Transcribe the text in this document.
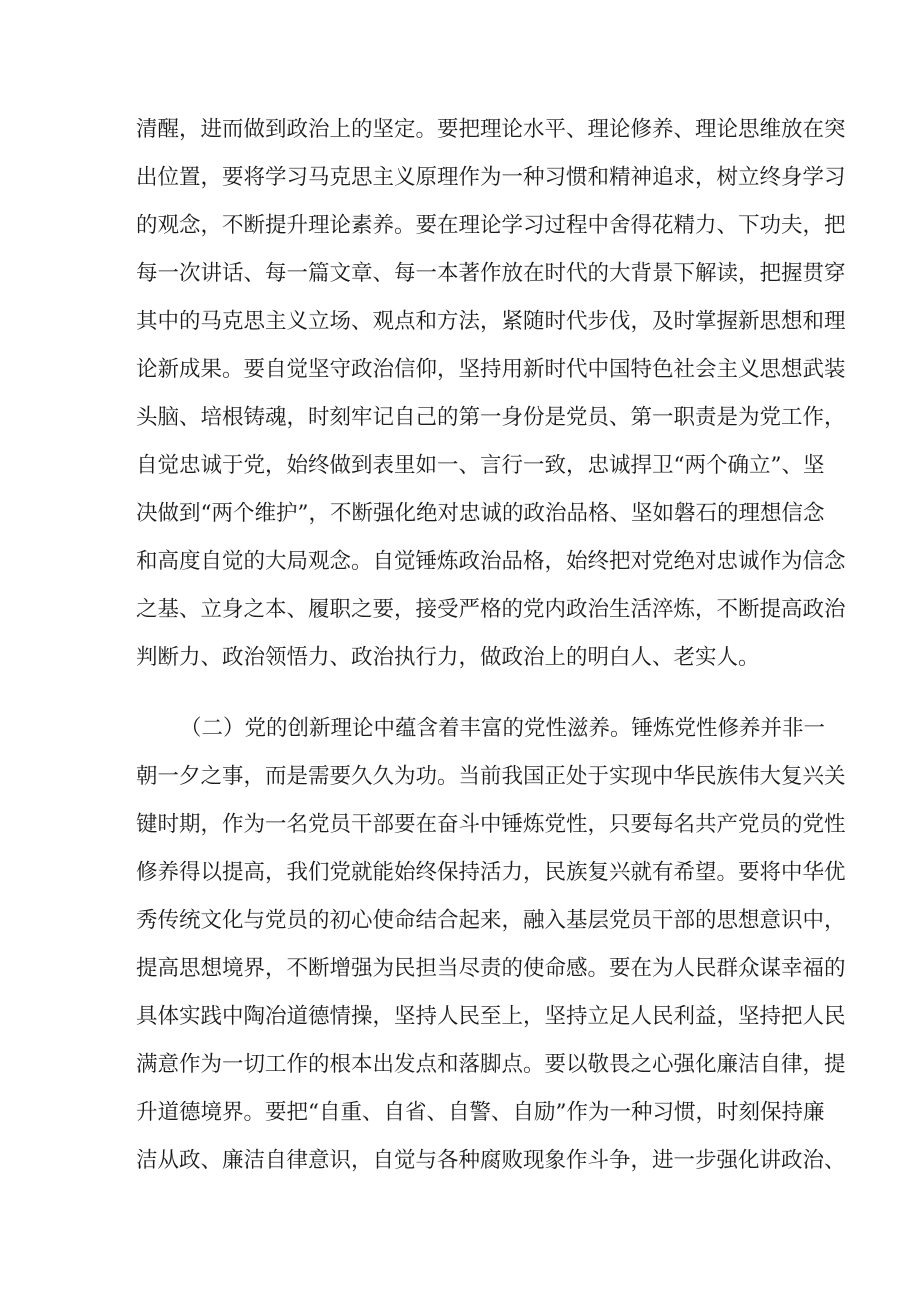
清醒，进而做到政治上的坚定。要把理论水平、理论修养、理论思维放在突
出位置，要将学习马克思主义原理作为一种习惯和精神追求，树立终身学习
的观念，不断提升理论素养。要在理论学习过程中舍得花精力、下功夫，把
每一次讲话、每一篇文章、每一本著作放在时代的大背景下解读，把握贯穿
其中的马克思主义立场、观点和方法，紧随时代步伐，及时掌握新思想和理
论新成果。要自觉坚守政治信仰，坚持用新时代中国特色社会主义思想武装
头脑、培根铸魂，时刻牢记自己的第一身份是党员、第一职责是为党工作，
自觉忠诚于党，始终做到表里如一、言行一致，忠诚捍卫“两个确立”、坚
决做到“两个维护”，不断强化绝对忠诚的政治品格、坚如磐石的理想信念
和高度自觉的大局观念。自觉锤炼政治品格，始终把对党绝对忠诚作为信念
之基、立身之本、履职之要，接受严格的党内政治生活淬炼，不断提高政治
判断力、政治领悟力、政治执行力，做政治上的明白人、老实人。
（二）党的创新理论中蕴含着丰富的党性滋养。锤炼党性修养并非一
朝一夕之事，而是需要久久为功。当前我国正处于实现中华民族伟大复兴关
键时期，作为一名党员干部要在奋斗中锤炼党性，只要每名共产党员的党性
修养得以提高，我们党就能始终保持活力，民族复兴就有希望。要将中华优
秀传统文化与党员的初心使命结合起来，融入基层党员干部的思想意识中，
提高思想境界，不断增强为民担当尽责的使命感。要在为人民群众谋幸福的
具体实践中陶冶道德情操，坚持人民至上，坚持立足人民利益，坚持把人民
满意作为一切工作的根本出发点和落脚点。要以敬畏之心强化廉洁自律，提
升道德境界。要把“自重、自省、自警、自励”作为一种习惯，时刻保持廉
洁从政、廉洁自律意识，自觉与各种腐败现象作斗争，进一步强化讲政治、
